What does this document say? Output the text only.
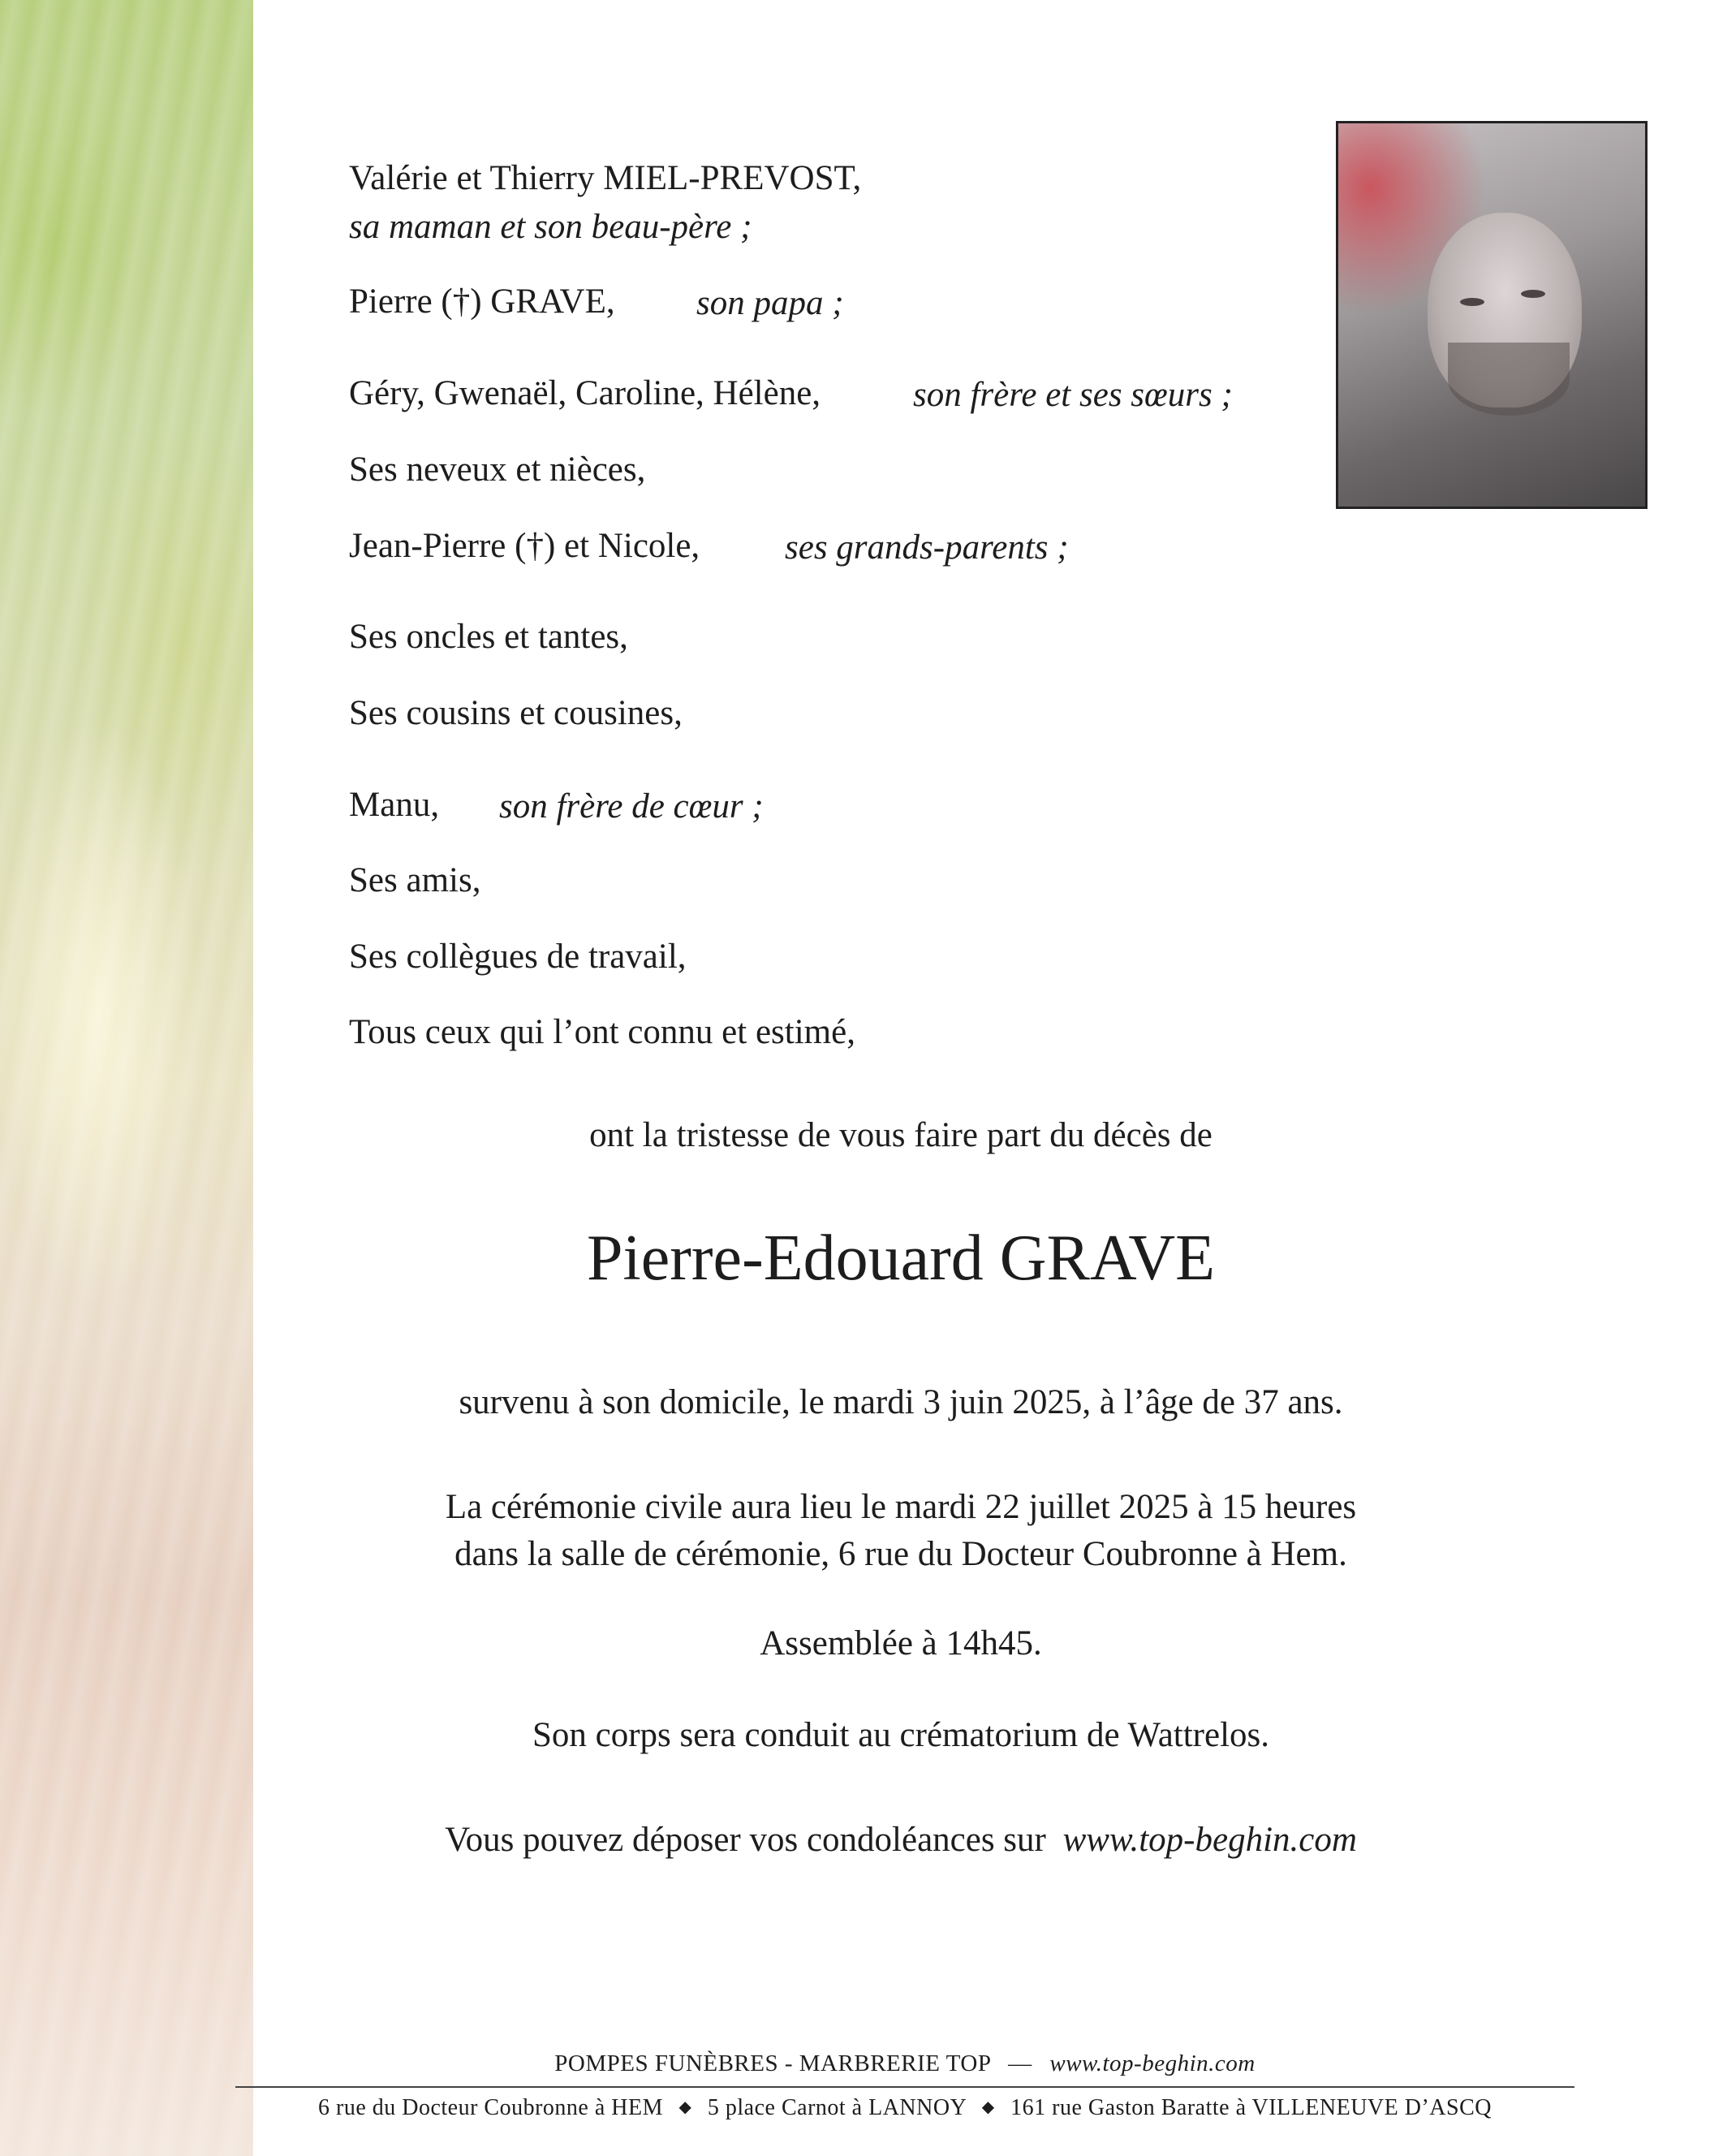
Valérie et Thierry MIEL-PREVOST,
sa maman et son beau-père ;
Pierre (†) GRAVE, son papa ;
Géry, Gwenaël, Caroline, Hélène,	son frère et ses sœurs ;
Ses neveux et nièces,
Jean-Pierre (†) et Nicole, ses grands-parents ;
Ses oncles et tantes,
Ses cousins et cousines,
Manu, son frère de cœur ;
Ses amis,
Ses collègues de travail,
Tous ceux qui l’ont connu et estimé,
ont la tristesse de vous faire part du décès de
Pierre-Edouard GRAVE
survenu à son domicile, le mardi 3 juin 2025, à l’âge de 37 ans.
La cérémonie civile aura lieu le mardi 22 juillet 2025 à 15 heures
dans la salle de cérémonie, 6 rue du Docteur Coubronne à Hem.
Assemblée à 14h45.
Son corps sera conduit au crématorium de Wattrelos.
Vous pouvez déposer vos condoléances sur www.top-beghin.com
POMPES FUNÈBRES - MARBRERIE TOP — www.top-beghin.com
6 rue du Docteur Coubronne à HEM ◆ 5 place Carnot à LANNOY ◆ 161 rue Gaston Baratte à VILLENEUVE D’ASCQ
